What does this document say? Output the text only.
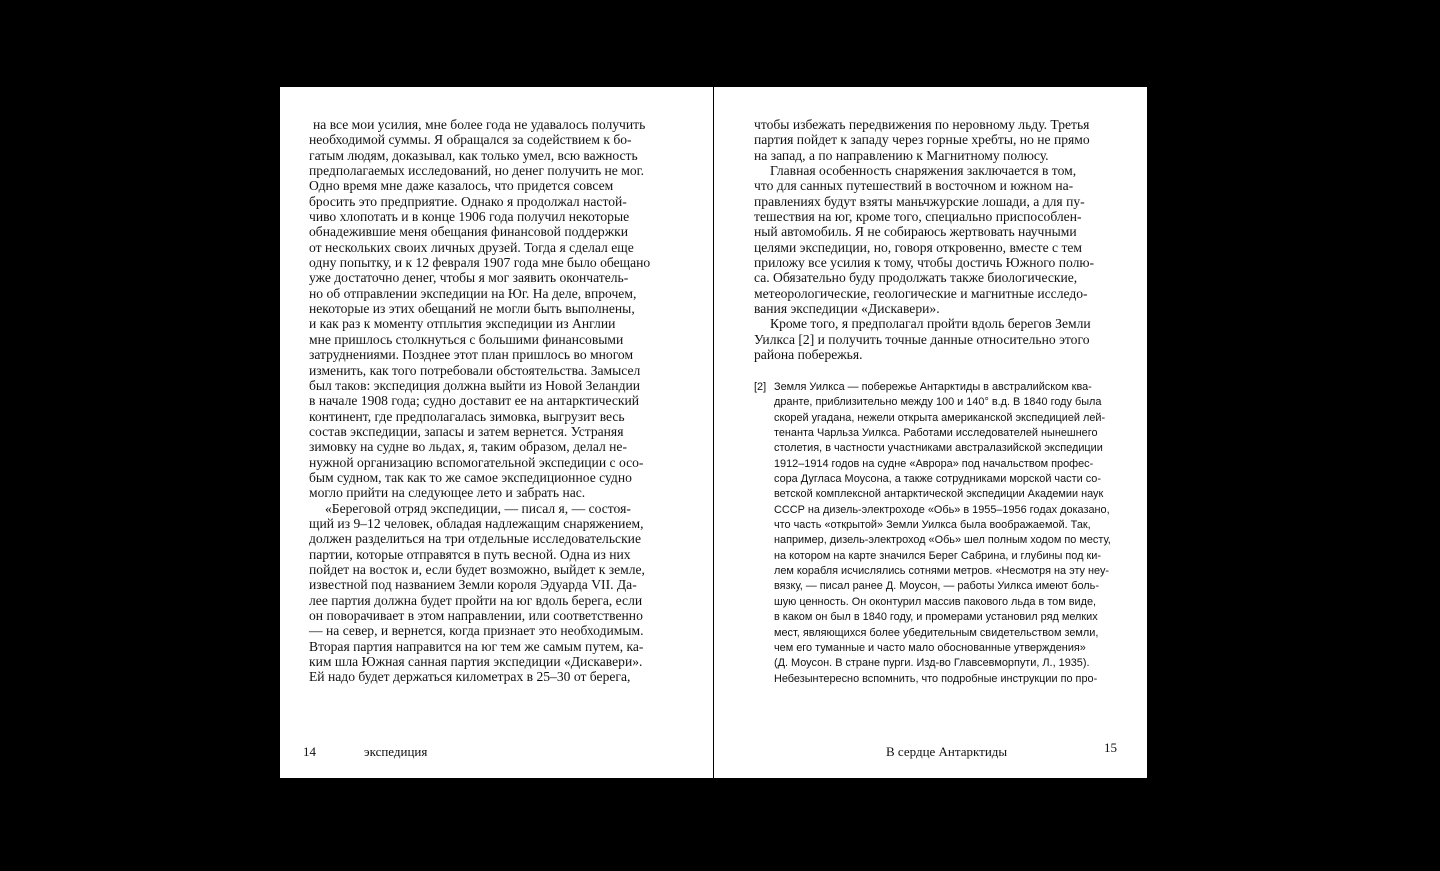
на все мои усилия, мне более года не удавалось получить
необходимой суммы. Я обращался за содействием к бо-
гатым людям, доказывал, как только умел, всю важность
предполагаемых исследований, но денег получить не мог.
Одно время мне даже казалось, что придется совсем
бросить это предприятие. Однако я продолжал настой-
чиво хлопотать и в конце 1906 года получил некоторые
обнадежившие меня обещания финансовой поддержки
от нескольких своих личных друзей. Тогда я сделал еще
одну попытку, и к 12 февраля 1907 года мне было обещано
уже достаточно денег, чтобы я мог заявить окончатель-
но об отправлении экспедиции на Юг. На деле, впрочем,
некоторые из этих обещаний не могли быть выполнены,
и как раз к моменту отплытия экспедиции из Англии
мне пришлось столкнуться с большими финансовыми
затруднениями. Позднее этот план пришлось во многом
изменить, как того потребовали обстоятельства. Замысел
был таков: экспедиция должна выйти из Новой Зеландии
в начале 1908 года; судно доставит ее на антарктический
континент, где предполагалась зимовка, выгрузит весь
состав экспедиции, запасы и затем вернется. Устраняя
зимовку на судне во льдах, я, таким образом, делал не-
нужной организацию вспомогательной экспедиции с осо-
бым судном, так как то же самое экспедиционное судно
могло прийти на следующее лето и забрать нас.
«Береговой отряд экспедиции, — писал я, — состоя-
щий из 9–12 человек, обладая надлежащим снаряжением,
должен разделиться на три отдельные исследовательские
партии, которые отправятся в путь весной. Одна из них
пойдет на восток и, если будет возможно, выйдет к земле,
известной под названием Земли короля Эдуарда VII. Да-
лее партия должна будет пройти на юг вдоль берега, если
он поворачивает в этом направлении, или соответственно
— на север, и вернется, когда признает это необходимым.
Вторая партия направится на юг тем же самым путем, ка-
ким шла Южная санная партия экспедиции «Дискавери».
Ей надо будет держаться километрах в 25–30 от берега,
14	экспедиция
чтобы избежать передвижения по неровному льду. Третья
партия пойдет к западу через горные хребты, но не прямо
на запад, а по направлению к Магнитному полюсу.
Главная особенность снаряжения заключается в том,
что для санных путешествий в восточном и южном на-
правлениях будут взяты маньчжурские лошади, а для пу-
тешествия на юг, кроме того, специально приспособлен-
ный автомобиль. Я не собираюсь жертвовать научными
целями экспедиции, но, говоря откровенно, вместе с тем
приложу все усилия к тому, чтобы достичь Южного полю-
са. Обязательно буду продолжать также биологические,
метеорологические, геологические и магнитные исследо-
вания экспедиции «Дискавери».
Кроме того, я предполагал пройти вдоль берегов Земли
Уилкса [2] и получить точные данные относительно этого
района побережья.
[2] Земля Уилкса — побережье Антарктиды в австралийском ква-
дранте, приблизительно между 100 и 140° в.д. В 1840 году была
скорей угадана, нежели открыта американской экспедицией лей-
тенанта Чарльза Уилкса. Работами исследователей нынешнего
столетия, в частности участниками австралазийской экспедиции
1912–1914 годов на судне «Аврора» под начальством профес-
сора Дугласа Моусона, а также сотрудниками морской части со-
ветской комплексной антарктической экспедиции Академии наук
СССР на дизель-электроходе «Обь» в 1955–1956 годах доказано,
что часть «открытой» Земли Уилкса была воображаемой. Так,
например, дизель-электроход «Обь» шел полным ходом по месту,
на котором на карте значился Берег Сабрина, и глубины под ки-
лем корабля исчислялись сотнями метров. «Несмотря на эту неу-
вязку, — писал ранее Д. Моусон, — работы Уилкса имеют боль-
шую ценность. Он оконтурил массив пакового льда в том виде,
в каком он был в 1840 году, и промерами установил ряд мелких
мест, являющихся более убедительным свидетельством земли,
чем его туманные и часто мало обоснованные утверждения»
(Д. Моусон. В стране пурги. Изд-во Главсевморпути, Л., 1935).
Небезынтересно вспомнить, что подробные инструкции по про-
В сердце Антарктиды	15
